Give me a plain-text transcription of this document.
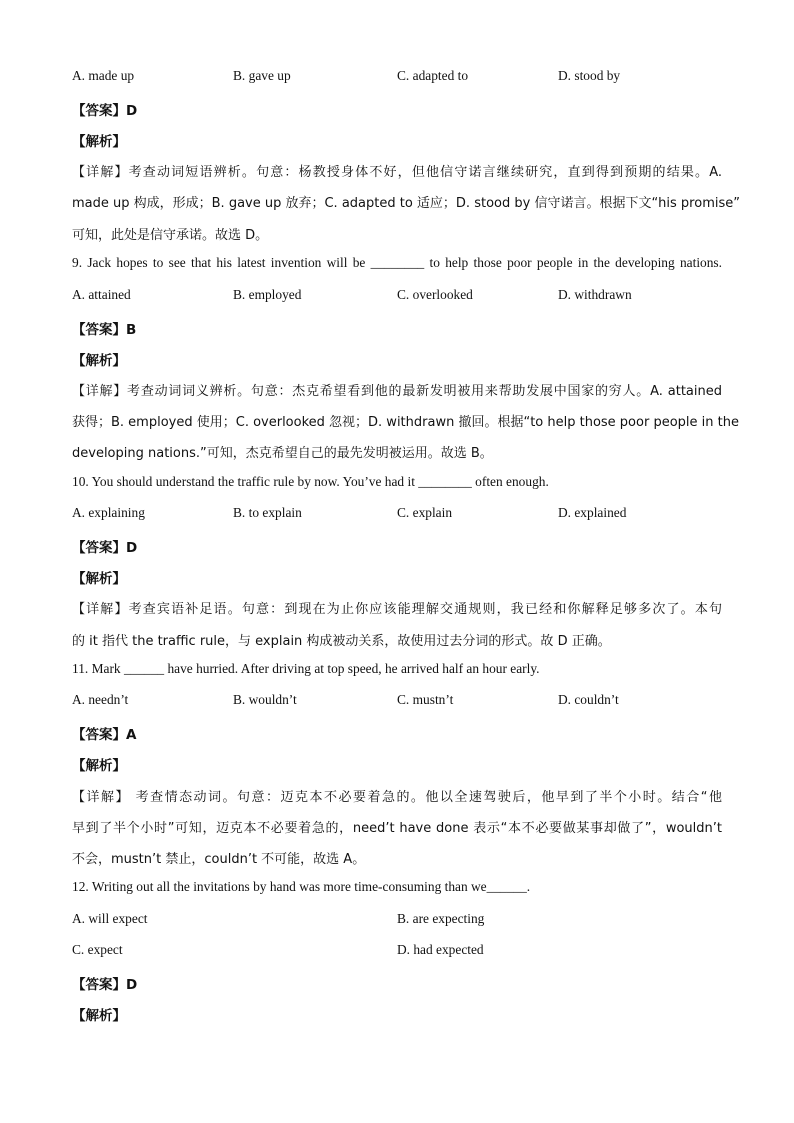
A. made up	B. gave up	C. adapted to	D. stood by
【答案】D
【解析】
【详解】考查动词短语辨析。句意：杨教授身体不好，但他信守诺言继续研究，直到得到预期的结果。A.
made up 构成，形成；B. gave up 放弃；C. adapted to 适应；D. stood by 信守诺言。根据下文“his promise”
可知，此处是信守承诺。故选 D。
9. Jack hopes to see that his latest invention will be ________ to help those poor people in the developing nations.
A. attained	B. employed	C. overlooked	D. withdrawn
【答案】B
【解析】
【详解】考查动词词义辨析。句意：杰克希望看到他的最新发明被用来帮助发展中国家的穷人。A. attained
获得；B. employed 使用；C. overlooked 忽视；D. withdrawn 撤回。根据“to help those poor people in the
developing nations.”可知，杰克希望自己的最先发明被运用。故选 B。
10. You should understand the traffic rule by now. You’ve had it ________ often enough.
A. explaining	B. to explain	C. explain	D. explained
【答案】D
【解析】
【详解】考查宾语补足语。句意：到现在为止你应该能理解交通规则，我已经和你解释足够多次了。本句
的 it 指代 the traffic rule，与 explain 构成被动关系，故使用过去分词的形式。故 D 正确。
11. Mark ______ have hurried. After driving at top speed, he arrived half an hour early.
A. needn’t	B. wouldn’t	C. mustn’t	D. couldn’t
【答案】A
【解析】
【详解】 考查情态动词。句意：迈克本不必要着急的。他以全速驾驶后，他早到了半个小时。结合“他
早到了半个小时”可知，迈克本不必要着急的，need’t have done 表示“本不必要做某事却做了”，wouldn’t
不会，mustn’t 禁止，couldn’t 不可能，故选 A。
12. Writing out all the invitations by hand was more time-consuming than we______.
A. will expect	B. are expecting
C. expect	D. had expected
【答案】D
【解析】
